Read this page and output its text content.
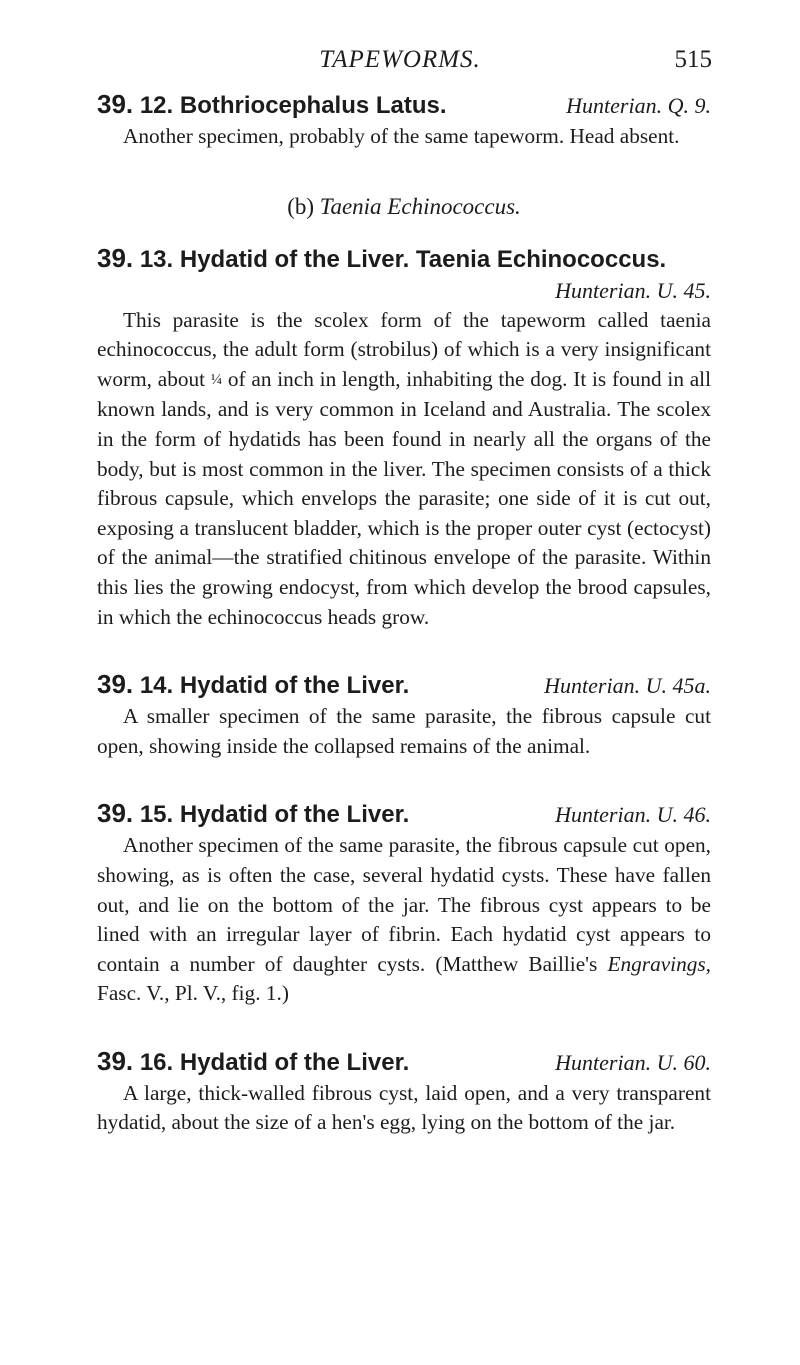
TAPEWORMS.	515
39. 12. Bothriocephalus Latus.	Hunterian. Q. 9.

Another specimen, probably of the same tapeworm. Head absent.

(b) Taenia Echinococcus.
39. 13. Hydatid of the Liver. Taenia Echinococcus.
Hunterian. U. 45.

This parasite is the scolex form of the tapeworm called taenia echinococcus, the adult form (strobilus) of which is a very insignificant worm, about ¼ of an inch in length, inhabiting the dog. It is found in all known lands, and is very common in Iceland and Australia. The scolex in the form of hydatids has been found in nearly all the organs of the body, but is most common in the liver. The specimen consists of a thick fibrous capsule, which envelops the parasite; one side of it is cut out, exposing a translucent bladder, which is the proper outer cyst (ectocyst) of the animal—the stratified chitinous envelope of the parasite. Within this lies the growing endocyst, from which develop the brood capsules, in which the echinococcus heads grow.

39. 14. Hydatid of the Liver.	Hunterian. U. 45a.

A smaller specimen of the same parasite, the fibrous capsule cut open, showing inside the collapsed remains of the animal.

39. 15. Hydatid of the Liver.	Hunterian. U. 46.

Another specimen of the same parasite, the fibrous capsule cut open, showing, as is often the case, several hydatid cysts. These have fallen out, and lie on the bottom of the jar. The fibrous cyst appears to be lined with an irregular layer of fibrin. Each hydatid cyst appears to contain a number of daughter cysts. (Matthew Baillie's Engravings, Fasc. V., Pl. V., fig. 1.)

39. 16. Hydatid of the Liver.	Hunterian. U. 60.

A large, thick-walled fibrous cyst, laid open, and a very transparent hydatid, about the size of a hen's egg, lying on the bottom of the jar.
